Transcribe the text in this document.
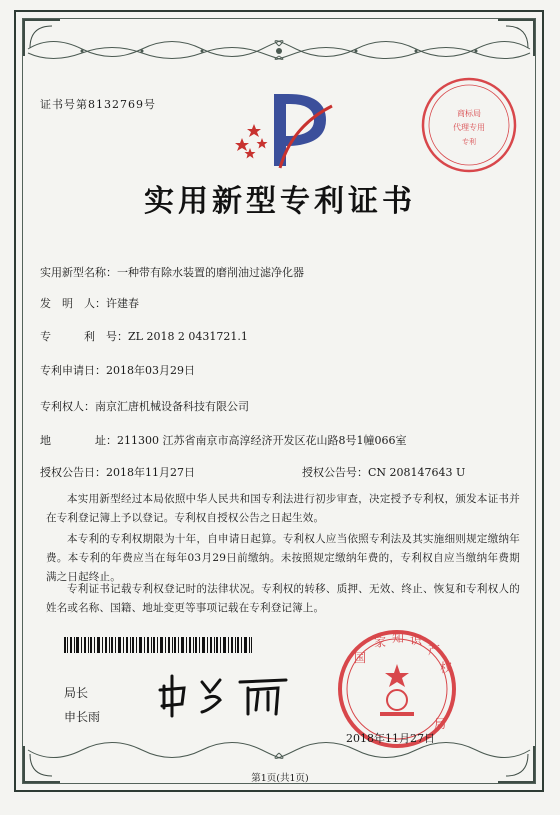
证书号第8132769号
商标局
代理专用
专利
实用新型专利证书
实用新型名称：一种带有除水装置的磨削油过滤净化器
发　明　人：许建春
专　　　利　号：ZL 2018 2 0431721.1
专利申请日：2018年03月29日
专利权人：南京汇唐机械设备科技有限公司
地　　　　址：211300 江苏省南京市高淳经济开发区花山路8号1幢066室
授权公告日：2018年11月27日	授权公告号：CN 208147643 U
本实用新型经过本局依照中华人民共和国专利法进行初步审查，决定授予专利权，颁发本证书并在专利登记簿上予以登记。专利权自授权公告之日起生效。
本专利的专利权期限为十年，自申请日起算。专利权人应当依照专利法及其实施细则规定缴纳年费。本专利的年费应当在每年03月29日前缴纳。未按照规定缴纳年费的，专利权自应当缴纳年费期满之日起终止。
专利证书记载专利权登记时的法律状况。专利权的转移、质押、无效、终止、恢复和专利权人的姓名或名称、国籍、地址变更等事项记载在专利登记簿上。
局长
申长雨
国
家 知 识
产
权
局
2018年11月27日
第1页(共1页)
